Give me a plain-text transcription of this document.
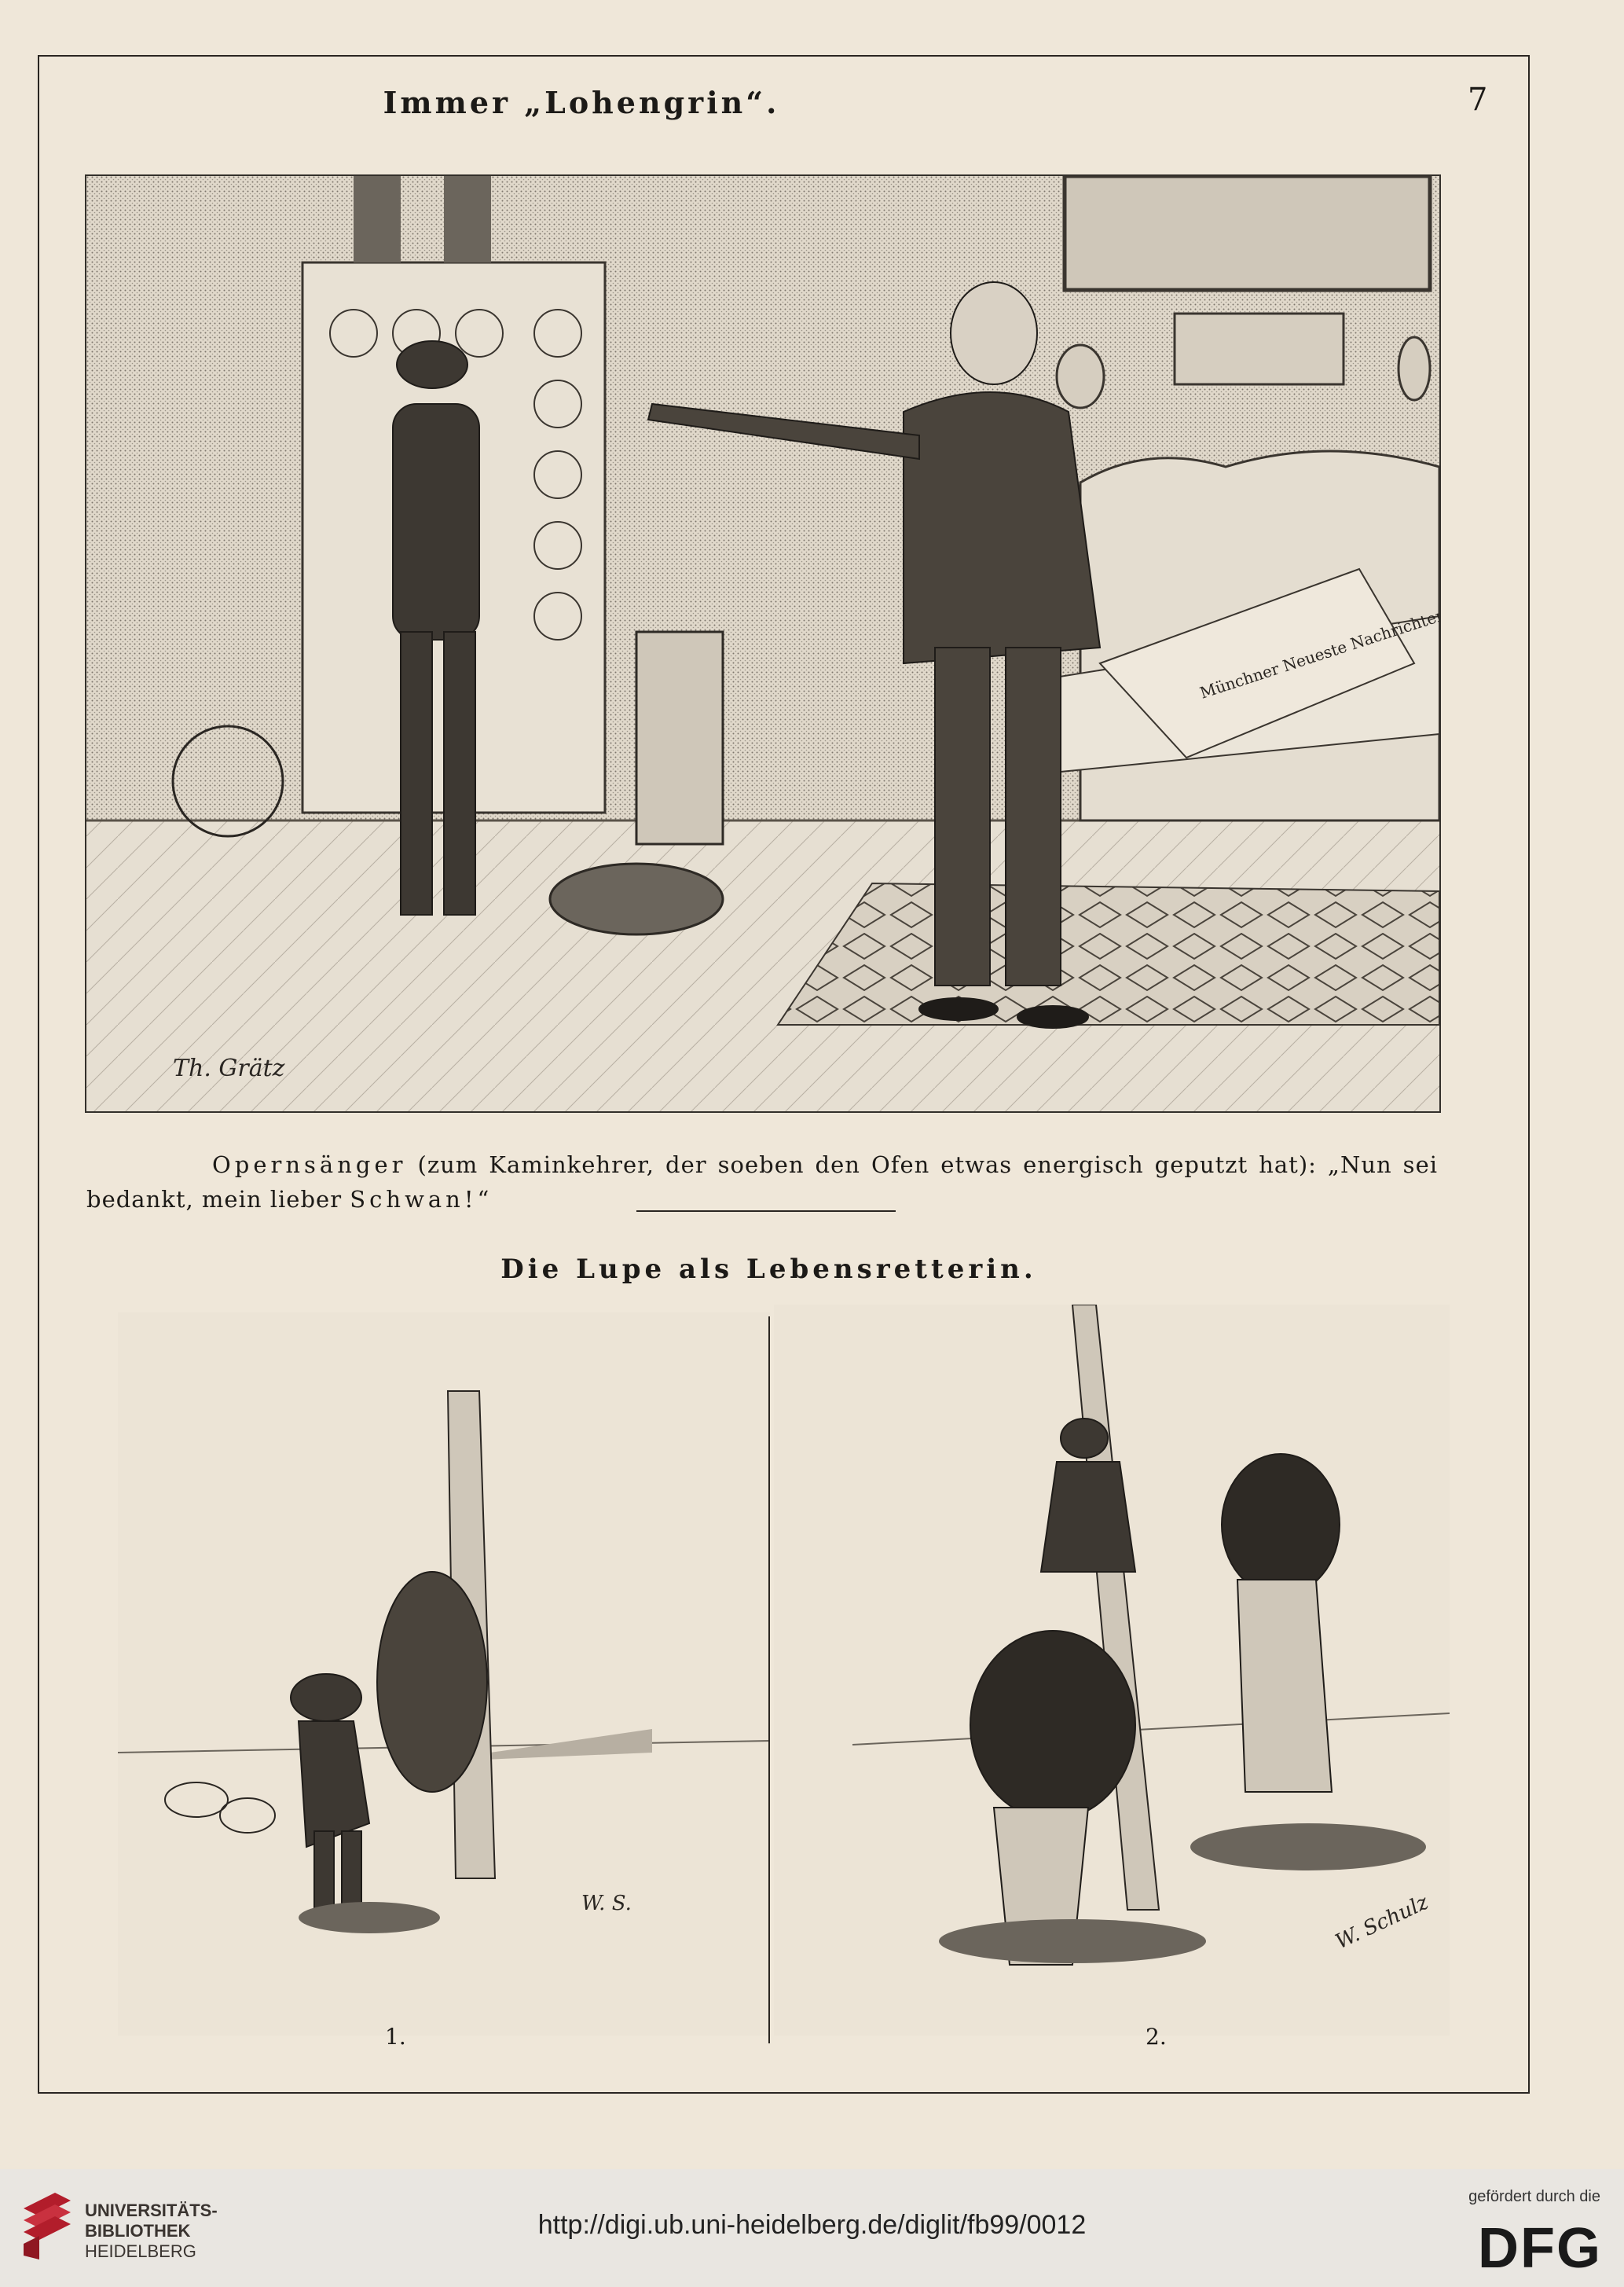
Immer „Lohengrin“.	7
Münchner Neueste Nachrichten
Th. Grätz
Opernsänger (zum Kaminkehrer, der soeben den Ofen etwas energisch geputzt hat): „Nun sei bedankt, mein lieber Schwan!“
Die Lupe als Lebensretterin.
W. S.	W. Schulz
1.	2.
UNIVERSITÄTS-
BIBLIOTHEK
HEIDELBERG
http://digi.ub.uni-heidelberg.de/diglit/fb99/0012
gefördert durch die
DFG
